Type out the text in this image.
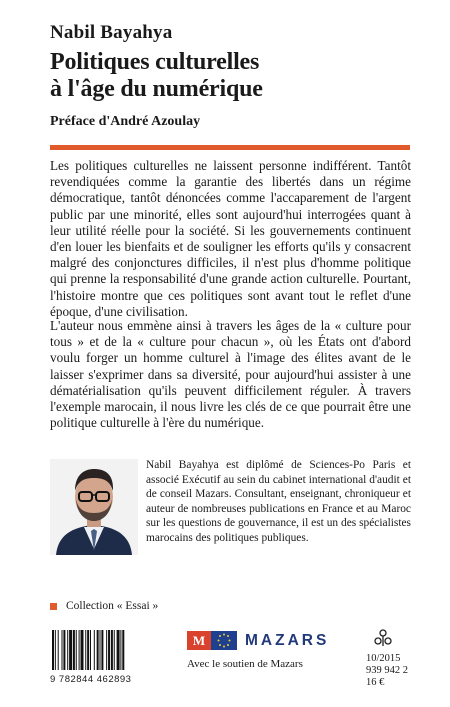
Nabil Bayahya
Politiques culturelles
à l'âge du numérique
Préface d'André Azoulay
Les politiques culturelles ne laissent personne indifférent. Tantôt revendiquées comme la garantie des libertés dans un régime démocratique, tantôt dénoncées comme l'accaparement de l'argent public par une minorité, elles sont aujourd'hui interrogées quant à leur utilité réelle pour la société. Si les gouvernements continuent d'en louer les bienfaits et de souligner les efforts qu'ils y consacrent malgré des conjonctures difficiles, il n'est plus d'homme politique qui prenne la responsabilité d'une grande action culturelle. Pourtant, l'histoire montre que ces politiques sont avant tout le reflet d'une époque, d'une civilisation.
L'auteur nous emmène ainsi à travers les âges de la « culture pour tous » et de la « culture pour chacun », où les États ont d'abord voulu forger un homme culturel à l'image des élites avant de le laisser s'exprimer dans sa diversité, pour aujourd'hui assister à une dématérialisation qu'ils peuvent difficilement réguler. À travers l'exemple marocain, il nous livre les clés de ce que pourrait être une politique culturelle à l'ère du numérique.
Nabil Bayahya est diplômé de Sciences-Po Paris et associé Exécutif au sein du cabinet international d'audit et de conseil Mazars. Consultant, enseignant, chroniqueur et auteur de nombreuses publications en France et au Maroc sur les questions de gouvernance, il est un des spécialistes marocains des politiques publiques.
Collection « Essai »
9 782844 462893
M	MAZARS
Avec le soutien de Mazars	10/2015
939 942 2
16 €
